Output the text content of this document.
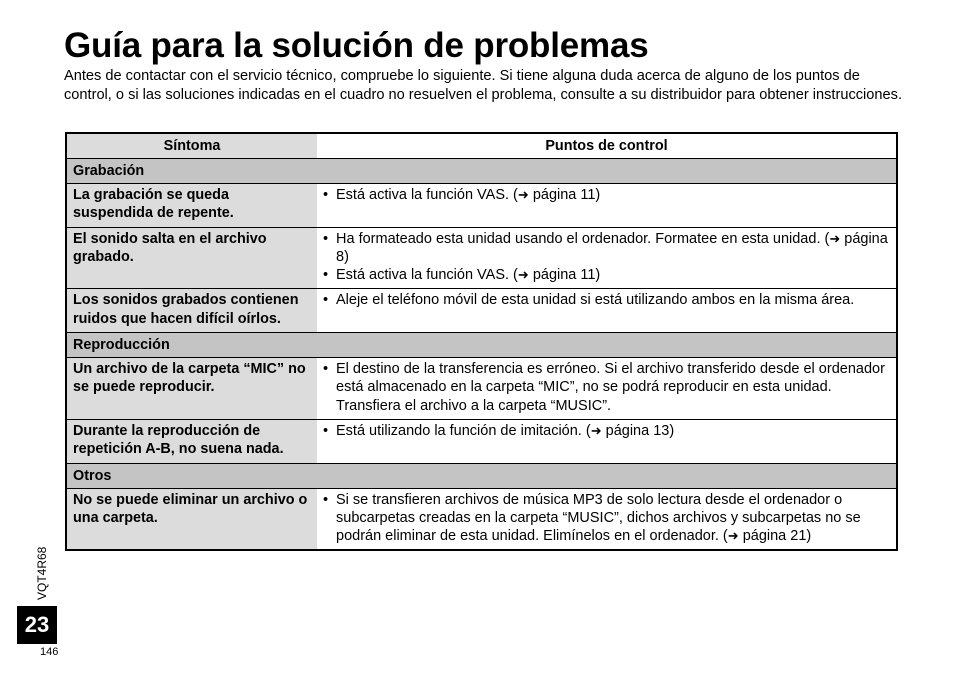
Guía para la solución de problemas

Antes de contactar con el servicio técnico, compruebe lo siguiente. Si tiene alguna duda acerca de alguno de los puntos de control, o si las soluciones indicadas en el cuadro no resuelven el problema, consulte a su distribuidor para obtener instrucciones.

Síntoma	Puntos de control
Grabación	
La grabación se queda suspendida de repente.	• Está activa la función VAS. (➜ página 11)

El sonido salta en el archivo grabado.	• Ha formateado esta unidad usando el ordenador. Formatee en esta unidad. (➜ página 8)
• Está activa la función VAS. (➜ página 11)

Los sonidos grabados contienen ruidos que hacen difícil oírlos.	• Aleje el teléfono móvil de esta unidad si está utilizando ambos en la misma área.

Reproducción	
Un archivo de la carpeta “MIC” no se puede reproducir.	• El destino de la transferencia es erróneo. Si el archivo transferido desde el ordenador está almacenado en la carpeta “MIC”, no se podrá reproducir en esta unidad. Transfiera el archivo a la carpeta “MUSIC”.

Durante la reproducción de repetición A-B, no suena nada.	• Está utilizando la función de imitación. (➜ página 13)

Otros	
No se puede eliminar un archivo o una carpeta.	• Si se transfieren archivos de música MP3 de solo lectura desde el ordenador o subcarpetas creadas en la carpeta “MUSIC”, dichos archivos y subcarpetas no se podrán eliminar de esta unidad. Elimínelos en el ordenador. (➜ página 21)
VQT4R68
23
146
